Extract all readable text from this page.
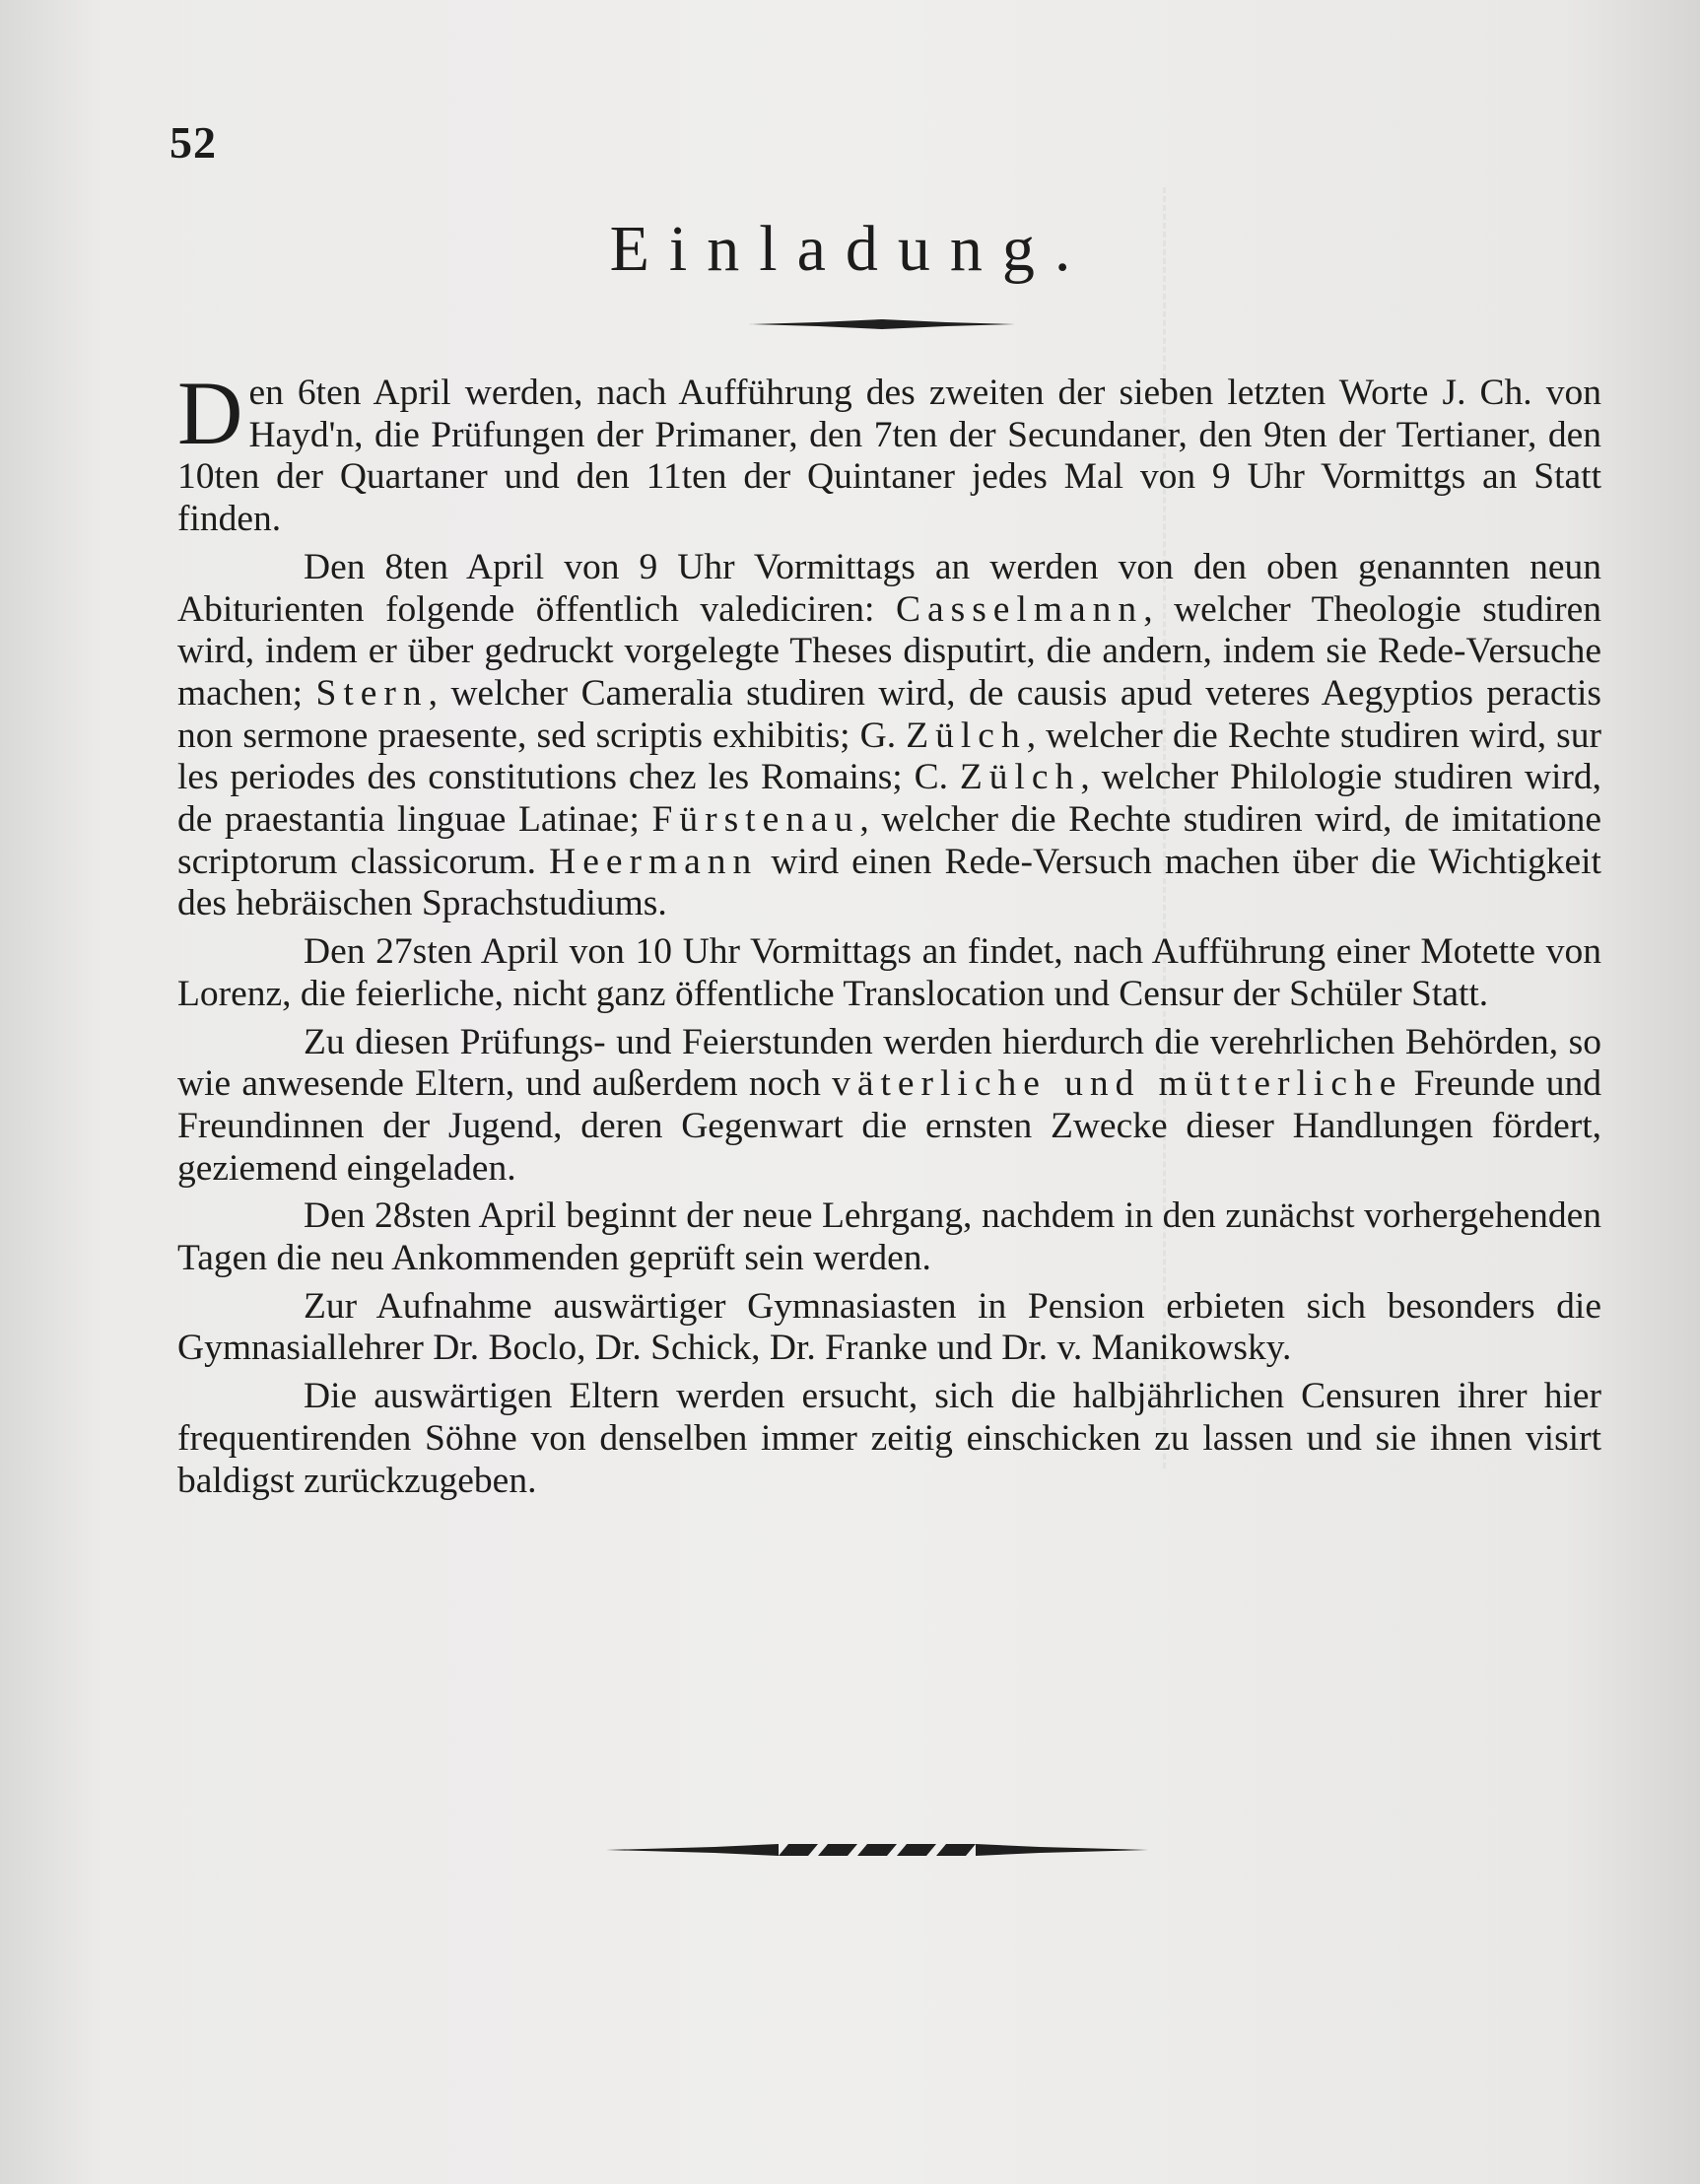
52
Einladung.

Den 6ten April werden, nach Aufführung des zweiten der sieben letzten Worte J. Ch. von Hayd'n, die Prüfungen der Primaner, den 7ten der Secundaner, den 9ten der Tertianer, den 10ten der Quartaner und den 11ten der Quintaner jedes Mal von 9 Uhr Vormittgs an Statt finden.

Den 8ten April von 9 Uhr Vormittags an werden von den oben genannten neun Abiturienten folgende öffentlich valediciren: Casselmann, welcher Theologie studiren wird, indem er über gedruckt vorgelegte Theses disputirt, die andern, indem sie Rede-Versuche machen; Stern, welcher Cameralia studiren wird, de causis apud veteres Aegyptios peractis non sermone praesente, sed scriptis exhibitis; G. Zülch, welcher die Rechte studiren wird, sur les periodes des constitutions chez les Romains; C. Zülch, welcher Philologie studiren wird, de praestantia linguae Latinae; Fürstenau, welcher die Rechte studiren wird, de imitatione scriptorum classicorum. Heermann wird einen Rede-Versuch machen über die Wichtigkeit des hebräischen Sprachstudiums.

Den 27sten April von 10 Uhr Vormittags an findet, nach Aufführung einer Motette von Lorenz, die feierliche, nicht ganz öffentliche Translocation und Censur der Schüler Statt.

Zu diesen Prüfungs- und Feierstunden werden hierdurch die verehrlichen Behörden, so wie anwesende Eltern, und außerdem noch väterliche und mütterliche Freunde und Freundinnen der Jugend, deren Gegenwart die ernsten Zwecke dieser Handlungen fördert, geziemend eingeladen.

Den 28sten April beginnt der neue Lehrgang, nachdem in den zunächst vorhergehenden Tagen die neu Ankommenden geprüft sein werden.

Zur Aufnahme auswärtiger Gymnasiasten in Pension erbieten sich besonders die Gymnasiallehrer Dr. Boclo, Dr. Schick, Dr. Franke und Dr. v. Manikowsky.

Die auswärtigen Eltern werden ersucht, sich die halbjährlichen Censuren ihrer hier frequentirenden Söhne von denselben immer zeitig einschicken zu lassen und sie ihnen visirt baldigst zurückzugeben.
